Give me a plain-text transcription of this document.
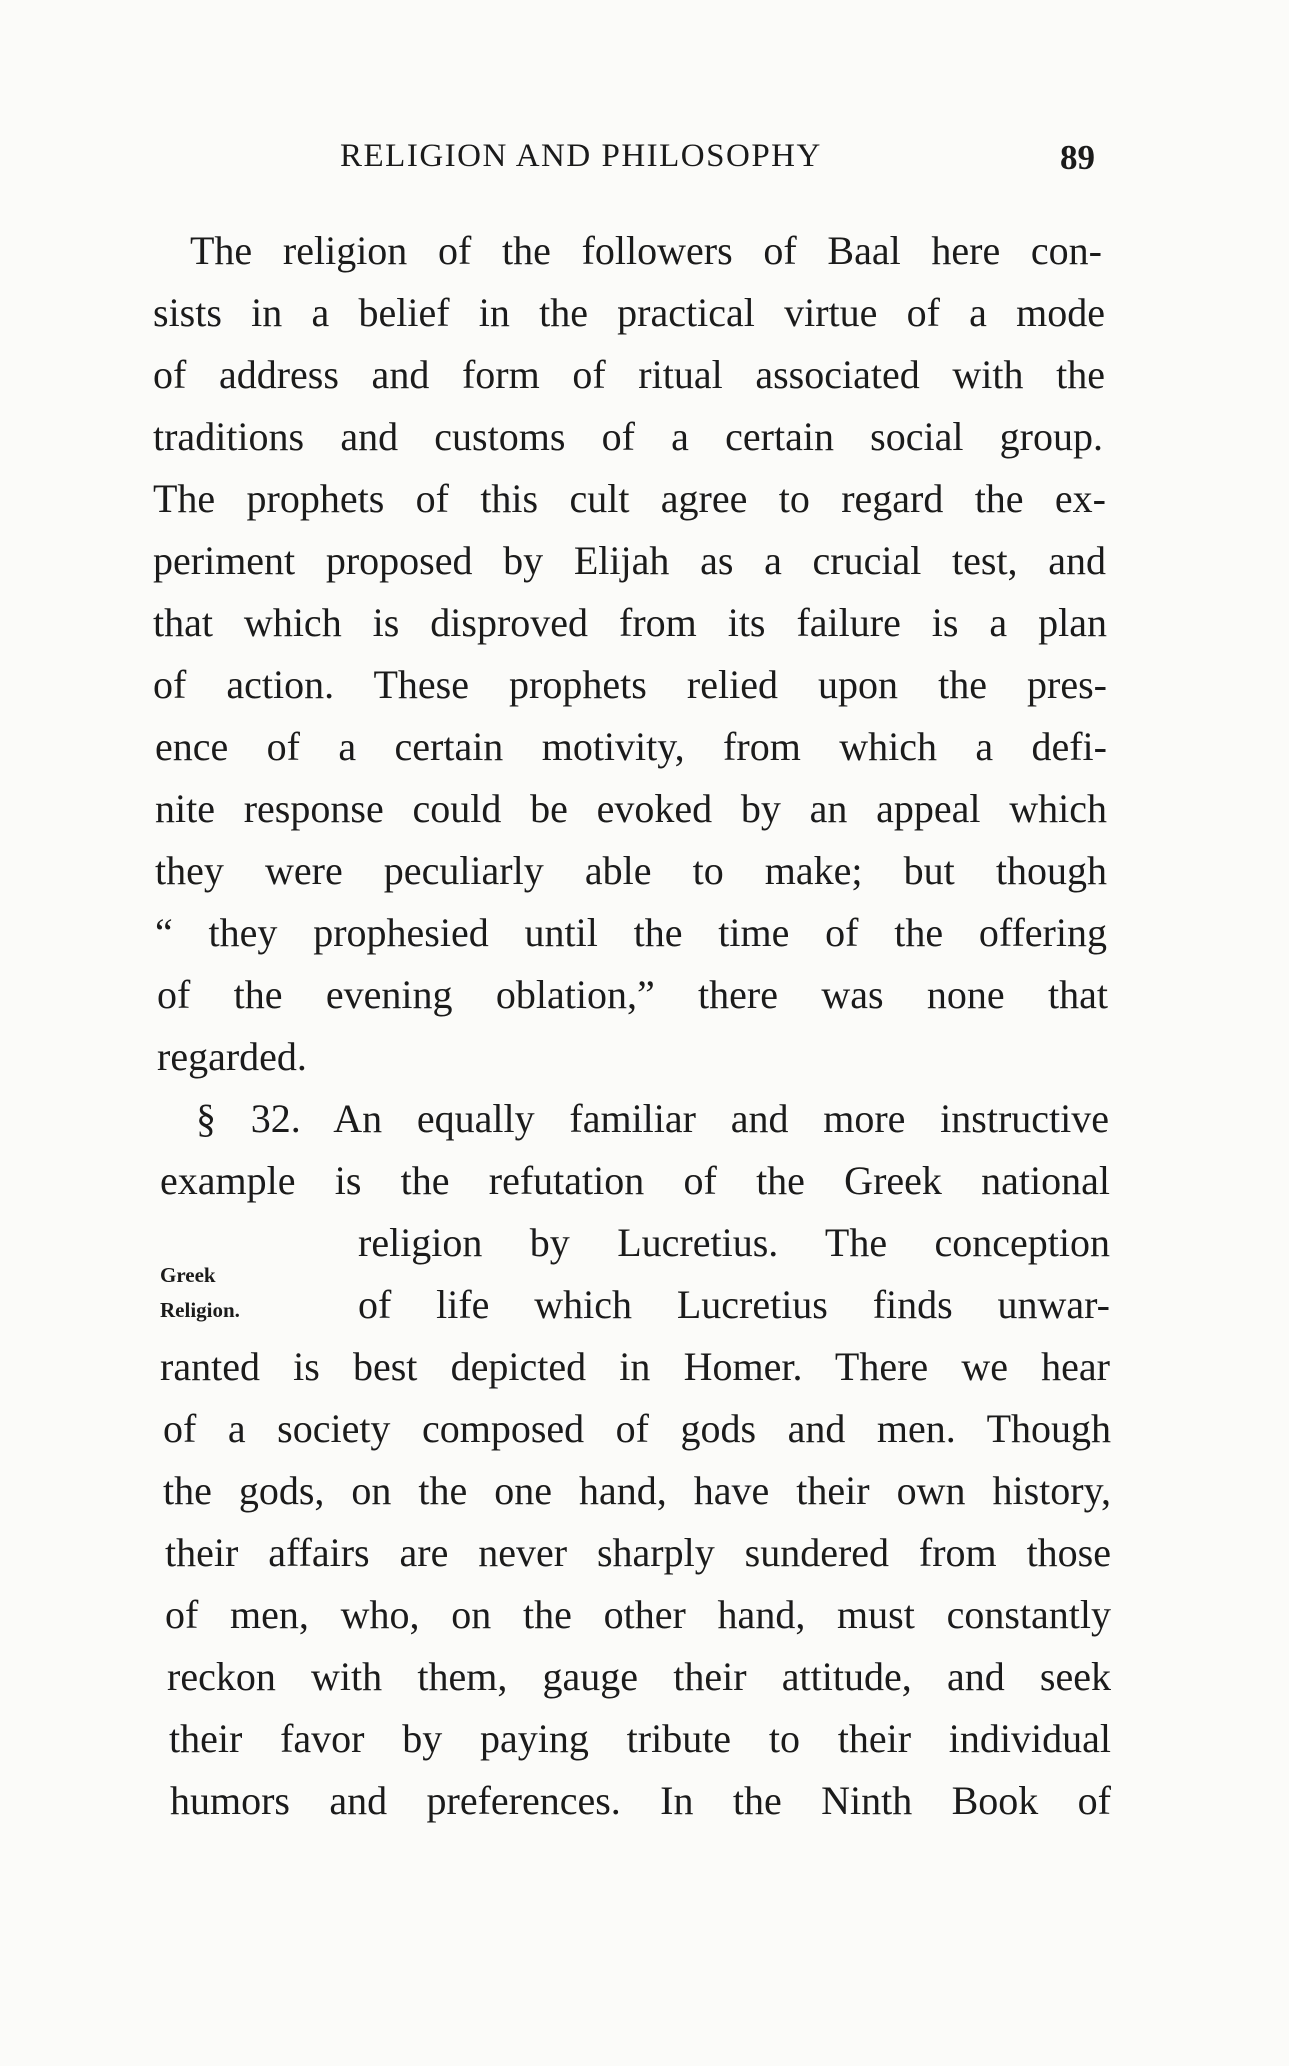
RELIGION AND PHILOSOPHY	89
The religion of the followers of Baal here con-
sists in a belief in the practical virtue of a mode
of address and form of ritual associated with the
traditions and customs of a certain social group.
The prophets of this cult agree to regard the ex-
periment proposed by Elijah as a crucial test, and
that which is disproved from its failure is a plan
of action. These prophets relied upon the pres-
ence of a certain motivity, from which a defi-
nite response could be evoked by an appeal which
they were peculiarly able to make; but though
“ they prophesied until the time of the offering
of the evening oblation,” there was none that
regarded.
§ 32. An equally familiar and more instructive
example is the refutation of the Greek national
Greek
religion by Lucretius. The conception
Religion.	of life which Lucretius finds unwar-
ranted is best depicted in Homer. There we hear
of a society composed of gods and men. Though
the gods, on the one hand, have their own history,
their affairs are never sharply sundered from those
of men, who, on the other hand, must constantly
reckon with them, gauge their attitude, and seek
their favor by paying tribute to their individual
humors and preferences. In the Ninth Book of
